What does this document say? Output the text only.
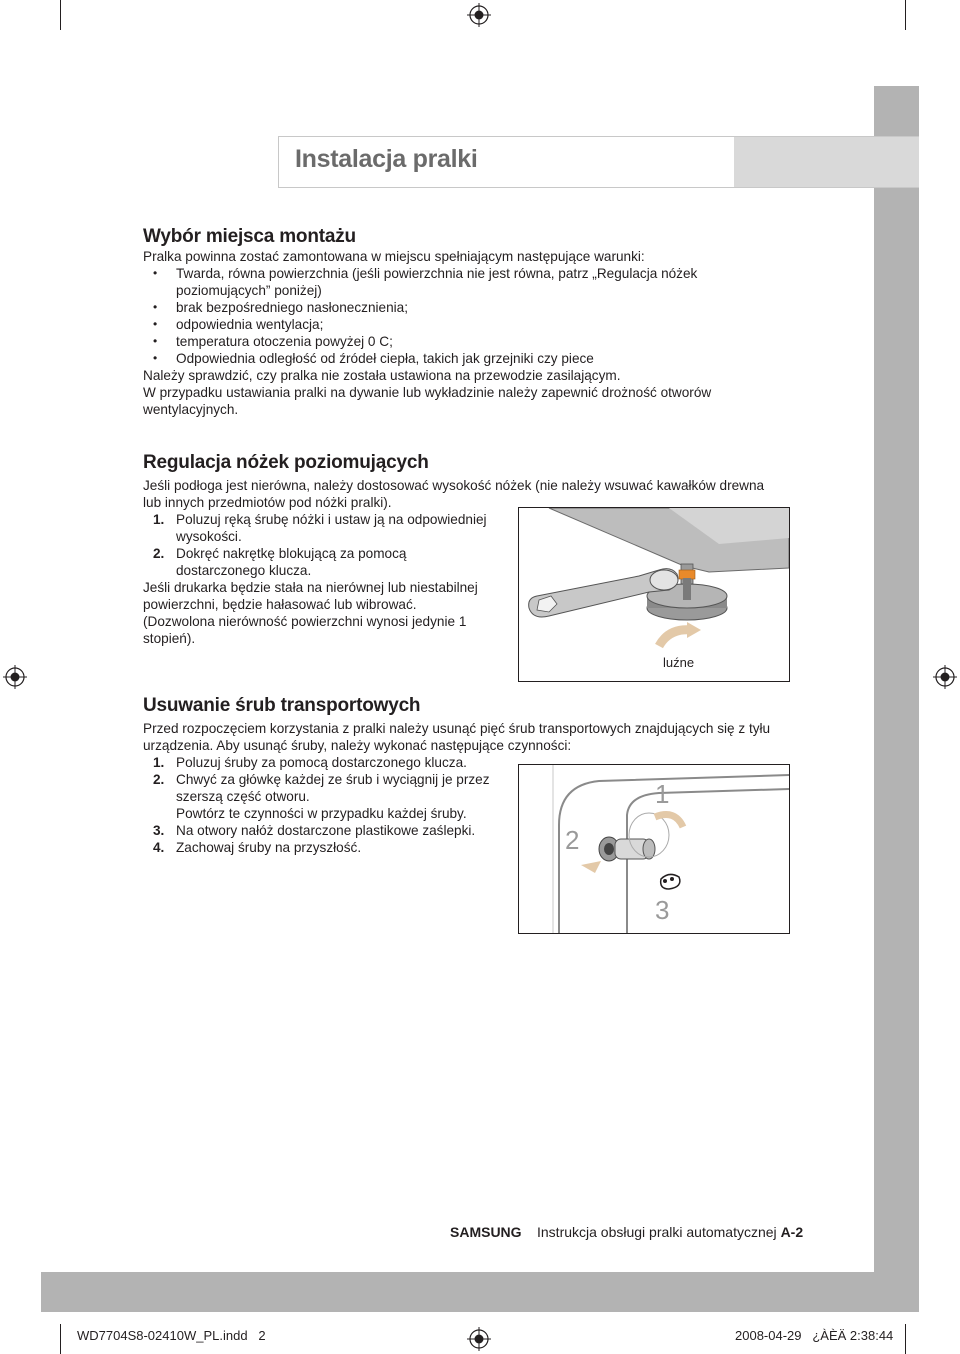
Instalacja pralki
Wybór miejsca montażu

Pralka powinna zostać zamontowana w miejscu spełniającym następujące warunki:

• Twarda, równa powierzchnia (jeśli powierzchnia nie jest równa, patrz „Regulacja nóżek

poziomujących” poniżej)

• brak bezpośredniego nasłonecznienia;

• odpowiednia wentylacja;

• temperatura otoczenia powyżej 0 C;

• Odpowiednia odległość od źródeł ciepła, takich jak grzejniki czy piece

Należy sprawdzić, czy pralka nie została ustawiona na przewodzie zasilającym.

W przypadku ustawiania pralki na dywanie lub wykładzinie należy zapewnić drożność otworów

wentylacyjnych.

Regulacja nóżek poziomujących

Jeśli podłoga jest nierówna, należy dostosować wysokość nóżek (nie należy wsuwać kawałków drewna

lub innych przedmiotów pod nóżki pralki).

1. Poluzuj ręką śrubę nóżki i ustaw ją na odpowiedniej

wysokości.

2. Dokręć nakrętkę blokującą za pomocą

dostarczonego klucza.

Jeśli drukarka będzie stała na nierównej lub niestabilnej

powierzchni, będzie hałasować lub wibrować.

(Dozwolona nierówność powierzchni wynosi jedynie 1

stopień).

luźne
Usuwanie śrub transportowych

Przed rozpoczęciem korzystania z pralki należy usunąć pięć śrub transportowych znajdujących się z tyłu

urządzenia. Aby usunąć śruby, należy wykonać następujące czynności:

1. Poluzuj śruby za pomocą dostarczonego klucza.

2. Chwyć za główkę każdej ze śrub i wyciągnij je przez

szerszą część otworu.

Powtórz te czynności w przypadku każdej śruby.

3. Na otwory nałóż dostarczone plastikowe zaślepki.

4. Zachowaj śruby na przyszłość.

1
2
3
SAMSUNG Instrukcja obsługi pralki automatycznej A-2
WD7704S8-02410W_PL.indd   2	2008-04-29   ¿ÀÈÄ 2:38:44
